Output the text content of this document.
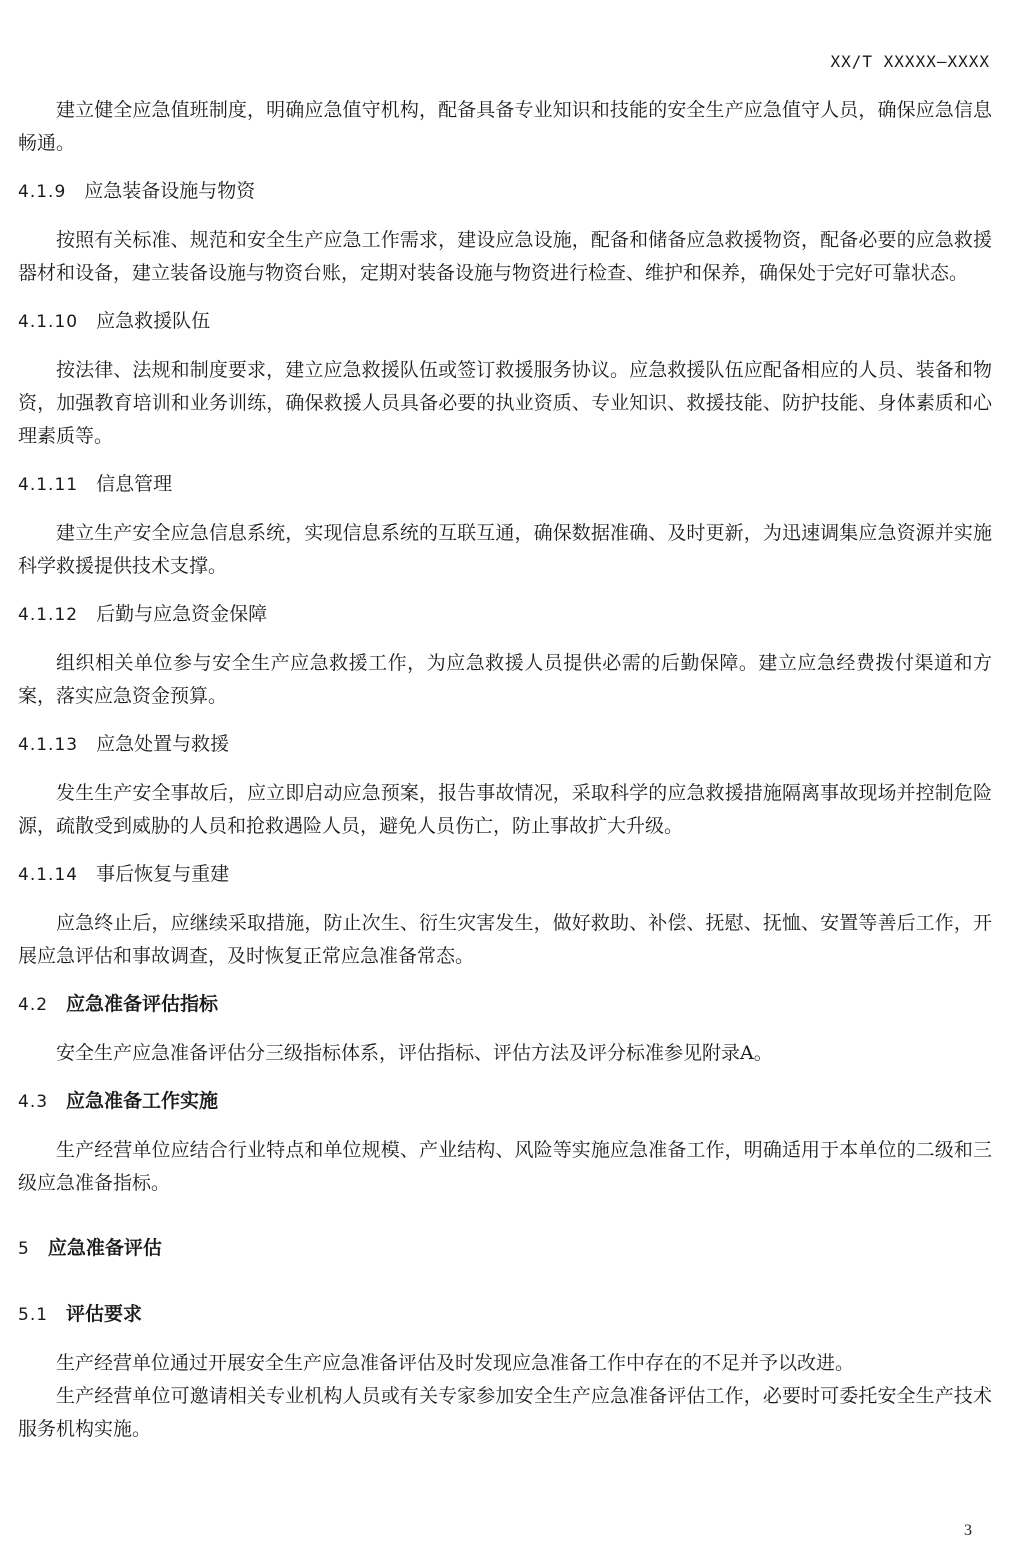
XX/T XXXXX—XXXX

建立健全应急值班制度，明确应急值守机构，配备具备专业知识和技能的安全生产应急值守人员，确保应急信息畅通。

4.1.9 应急装备设施与物资

按照有关标准、规范和安全生产应急工作需求，建设应急设施，配备和储备应急救援物资，配备必要的应急救援器材和设备，建立装备设施与物资台账，定期对装备设施与物资进行检查、维护和保养，确保处于完好可靠状态。

4.1.10 应急救援队伍

按法律、法规和制度要求，建立应急救援队伍或签订救援服务协议。应急救援队伍应配备相应的人员、装备和物资，加强教育培训和业务训练，确保救援人员具备必要的执业资质、专业知识、救援技能、防护技能、身体素质和心理素质等。

4.1.11 信息管理

建立生产安全应急信息系统，实现信息系统的互联互通，确保数据准确、及时更新，为迅速调集应急资源并实施科学救援提供技术支撑。

4.1.12 后勤与应急资金保障

组织相关单位参与安全生产应急救援工作，为应急救援人员提供必需的后勤保障。建立应急经费拨付渠道和方案，落实应急资金预算。

4.1.13 应急处置与救援

发生生产安全事故后，应立即启动应急预案，报告事故情况，采取科学的应急救援措施隔离事故现场并控制危险源，疏散受到威胁的人员和抢救遇险人员，避免人员伤亡，防止事故扩大升级。

4.1.14 事后恢复与重建

应急终止后，应继续采取措施，防止次生、衍生灾害发生，做好救助、补偿、抚慰、抚恤、安置等善后工作，开展应急评估和事故调查，及时恢复正常应急准备常态。

4.2 应急准备评估指标

安全生产应急准备评估分三级指标体系，评估指标、评估方法及评分标准参见附录A。

4.3 应急准备工作实施

生产经营单位应结合行业特点和单位规模、产业结构、风险等实施应急准备工作，明确适用于本单位的二级和三级应急准备指标。

5 应急准备评估
5.1 评估要求

生产经营单位通过开展安全生产应急准备评估及时发现应急准备工作中存在的不足并予以改进。

生产经营单位可邀请相关专业机构人员或有关专家参加安全生产应急准备评估工作，必要时可委托安全生产技术服务机构实施。

3
